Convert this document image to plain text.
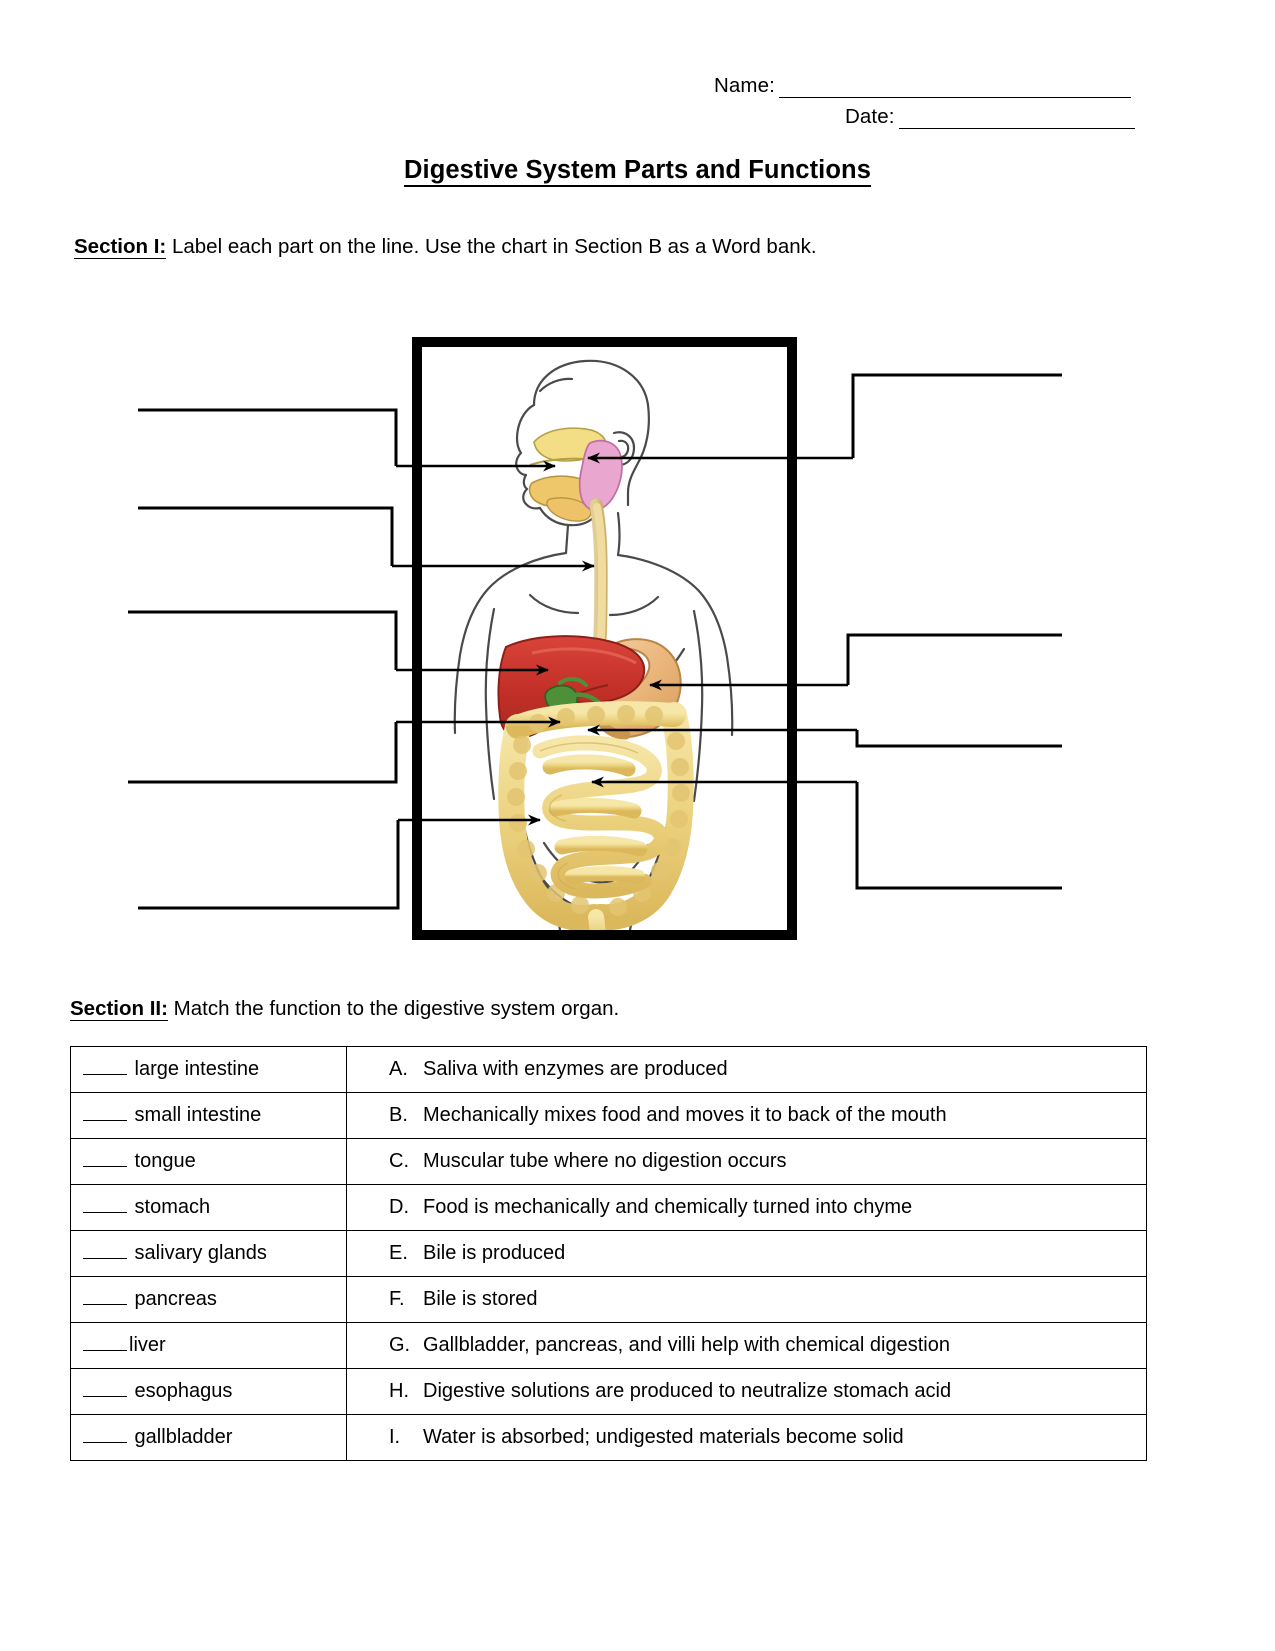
Name:
Date:
Digestive System Parts and Functions
Section I: Label each part on the line. Use the chart in Section B as a Word bank.
Section II: Match the function to the digestive system organ.
large intestine	A. Saliva with enzymes are produced
small intestine	B. Mechanically mixes food and moves it to back of the mouth
tongue	C. Muscular tube where no digestion occurs
stomach	D. Food is mechanically and chemically turned into chyme
salivary glands	E. Bile is produced
pancreas	F. Bile is stored
liver	G. Gallbladder, pancreas, and villi help with chemical digestion
esophagus	H. Digestive solutions are produced to neutralize stomach acid
gallbladder	I. Water is absorbed; undigested materials become solid
